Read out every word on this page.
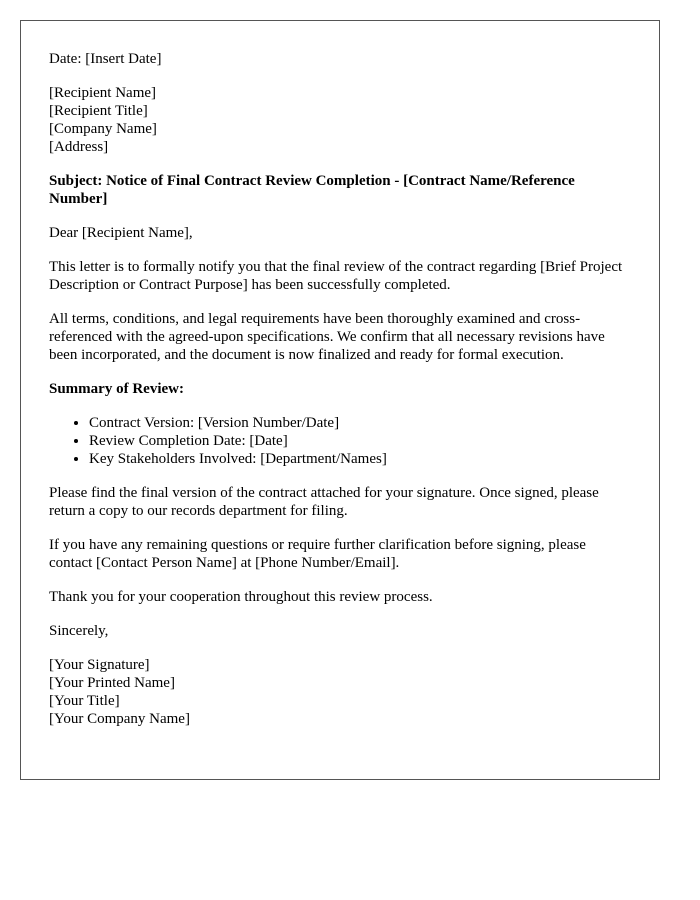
Date: [Insert Date]

[Recipient Name]
[Recipient Title]
[Company Name]
[Address]

Subject: Notice of Final Contract Review Completion - [Contract Name/Reference Number]

Dear [Recipient Name],

This letter is to formally notify you that the final review of the contract regarding [Brief Project Description or Contract Purpose] has been successfully completed.

All terms, conditions, and legal requirements have been thoroughly examined and cross-referenced with the agreed-upon specifications. We confirm that all necessary revisions have been incorporated, and the document is now finalized and ready for formal execution.

Summary of Review:

• Contract Version: [Version Number/Date]
• Review Completion Date: [Date]
• Key Stakeholders Involved: [Department/Names]

Please find the final version of the contract attached for your signature. Once signed, please return a copy to our records department for filing.

If you have any remaining questions or require further clarification before signing, please contact [Contact Person Name] at [Phone Number/Email].

Thank you for your cooperation throughout this review process.

Sincerely,

[Your Signature]
[Your Printed Name]
[Your Title]
[Your Company Name]
